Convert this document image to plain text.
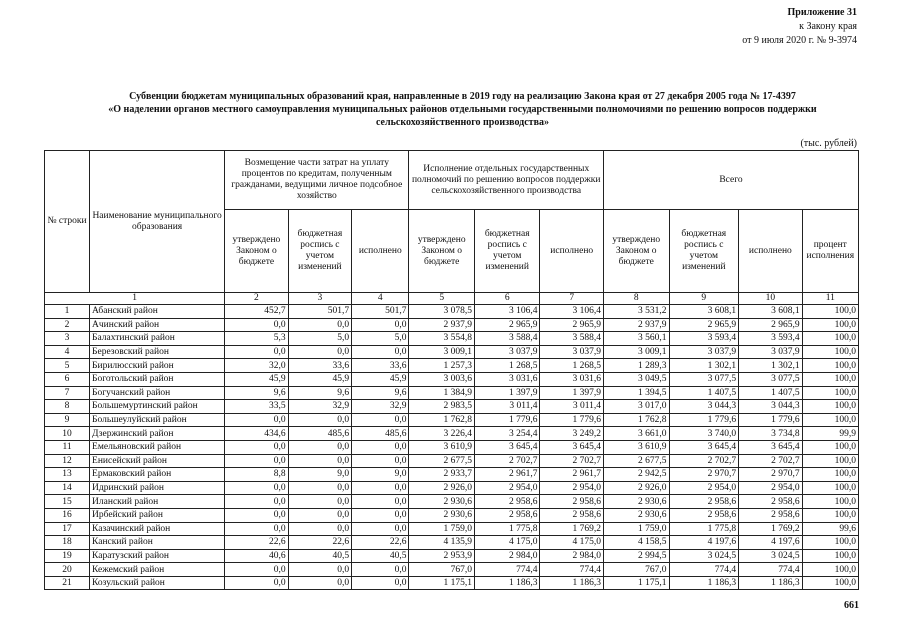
Приложение 31
к Закону края
от 9 июля 2020 г. № 9-3974
Субвенции бюджетам муниципальных образований края, направленные в 2019 году на реализацию Закона края от 27 декабря 2005 года № 17-4397
«О наделении органов местного самоуправления муниципальных районов отдельными государственными полномочиями по решению вопросов поддержки
сельскохозяйственного производства»
(тыс. рублей)
№ строки	Наименование муниципального образования	Возмещение части затрат на уплату процентов по кредитам, полученным гражданами, ведущими личное подсобное хозяйство			Исполнение отдельных государственных полномочий по решению вопросов поддержки сельскохозяйственного производства			Всего			
		утверждено Законом о бюджете	бюджетная роспись с учетом изменений	исполнено	утверждено Законом о бюджете	бюджетная роспись с учетом изменений	исполнено	утверждено Законом о бюджете	бюджетная роспись с учетом изменений	исполнено	процент исполнения
1		2	3	4	5	6	7	8	9	10	11
1	Абанский район	452,7	501,7	501,7	3 078,5	3 106,4	3 106,4	3 531,2	3 608,1	3 608,1	100,0
2	Ачинский район	0,0	0,0	0,0	2 937,9	2 965,9	2 965,9	2 937,9	2 965,9	2 965,9	100,0
3	Балахтинский район	5,3	5,0	5,0	3 554,8	3 588,4	3 588,4	3 560,1	3 593,4	3 593,4	100,0
4	Березовский район	0,0	0,0	0,0	3 009,1	3 037,9	3 037,9	3 009,1	3 037,9	3 037,9	100,0
5	Бирилюсский район	32,0	33,6	33,6	1 257,3	1 268,5	1 268,5	1 289,3	1 302,1	1 302,1	100,0
6	Боготольский район	45,9	45,9	45,9	3 003,6	3 031,6	3 031,6	3 049,5	3 077,5	3 077,5	100,0
7	Богучанский район	9,6	9,6	9,6	1 384,9	1 397,9	1 397,9	1 394,5	1 407,5	1 407,5	100,0
8	Большемуртинский район	33,5	32,9	32,9	2 983,5	3 011,4	3 011,4	3 017,0	3 044,3	3 044,3	100,0
9	Большеулуйский район	0,0	0,0	0,0	1 762,8	1 779,6	1 779,6	1 762,8	1 779,6	1 779,6	100,0
10	Дзержинский район	434,6	485,6	485,6	3 226,4	3 254,4	3 249,2	3 661,0	3 740,0	3 734,8	99,9
11	Емельяновский район	0,0	0,0	0,0	3 610,9	3 645,4	3 645,4	3 610,9	3 645,4	3 645,4	100,0
12	Енисейский район	0,0	0,0	0,0	2 677,5	2 702,7	2 702,7	2 677,5	2 702,7	2 702,7	100,0
13	Ермаковский район	8,8	9,0	9,0	2 933,7	2 961,7	2 961,7	2 942,5	2 970,7	2 970,7	100,0
14	Идринский район	0,0	0,0	0,0	2 926,0	2 954,0	2 954,0	2 926,0	2 954,0	2 954,0	100,0
15	Иланский район	0,0	0,0	0,0	2 930,6	2 958,6	2 958,6	2 930,6	2 958,6	2 958,6	100,0
16	Ирбейский район	0,0	0,0	0,0	2 930,6	2 958,6	2 958,6	2 930,6	2 958,6	2 958,6	100,0
17	Казачинский район	0,0	0,0	0,0	1 759,0	1 775,8	1 769,2	1 759,0	1 775,8	1 769,2	99,6
18	Канский район	22,6	22,6	22,6	4 135,9	4 175,0	4 175,0	4 158,5	4 197,6	4 197,6	100,0
19	Каратузский район	40,6	40,5	40,5	2 953,9	2 984,0	2 984,0	2 994,5	3 024,5	3 024,5	100,0
20	Кежемский район	0,0	0,0	0,0	767,0	774,4	774,4	767,0	774,4	774,4	100,0
21	Козульский район	0,0	0,0	0,0	1 175,1	1 186,3	1 186,3	1 175,1	1 186,3	1 186,3	100,0
661
